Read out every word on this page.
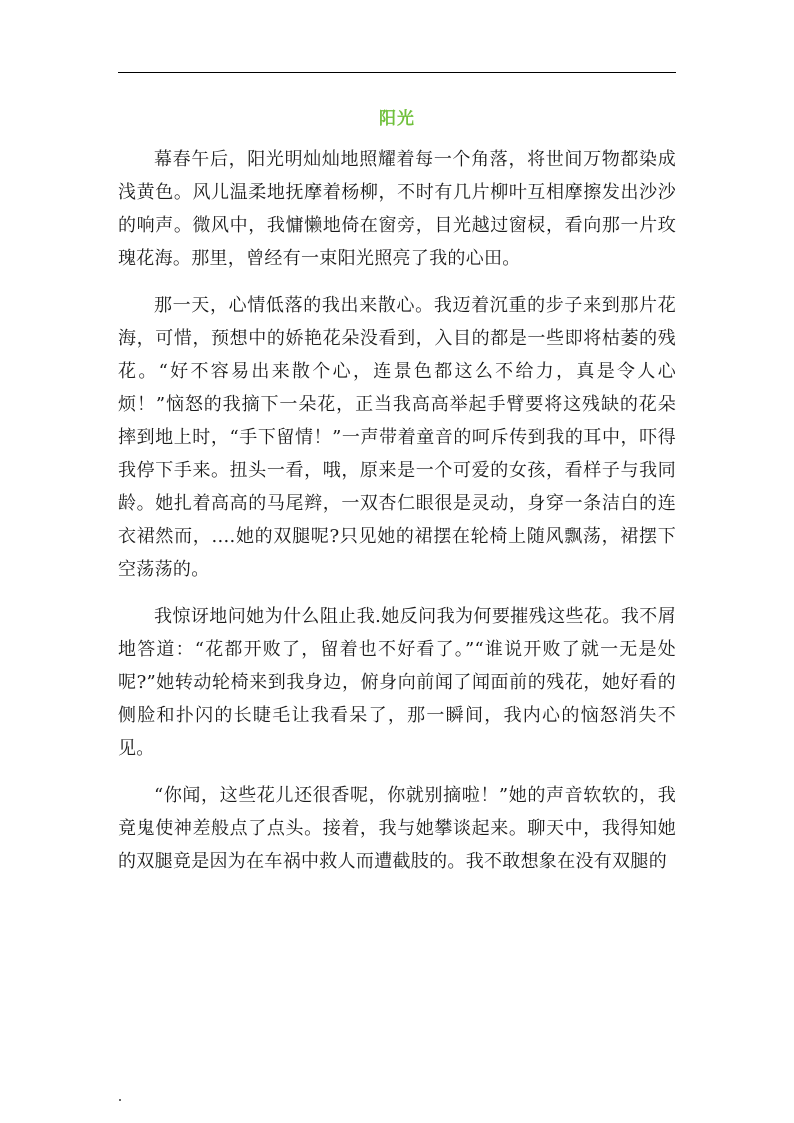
阳光

幕春午后，阳光明灿灿地照耀着每一个角落，将世间万物都染成浅黄色。风儿温柔地抚摩着杨柳，不时有几片柳叶互相摩擦发出沙沙的响声。微风中，我慵懒地倚在窗旁，目光越过窗棂，看向那一片玫瑰花海。那里，曾经有一束阳光照亮了我的心田。

那一天，心情低落的我出来散心。我迈着沉重的步子来到那片花海，可惜，预想中的娇艳花朵没看到，入目的都是一些即将枯萎的残花。“好不容易出来散个心，连景色都这么不给力，真是令人心烦！”恼怒的我摘下一朵花，正当我高高举起手臂要将这残缺的花朵摔到地上时，“手下留情！”一声带着童音的呵斥传到我的耳中，吓得我停下手来。扭头一看，哦，原来是一个可爱的女孩，看样子与我同龄。她扎着高高的马尾辫，一双杏仁眼很是灵动，身穿一条洁白的连衣裙然而，....她的双腿呢?只见她的裙摆在轮椅上随风飘荡，裙摆下空荡荡的。

我惊讶地问她为什么阻止我.她反问我为何要摧残这些花。我不屑地答道：“花都开败了，留着也不好看了。”“谁说开败了就一无是处呢?”她转动轮椅来到我身边，俯身向前闻了闻面前的残花，她好看的侧脸和扑闪的长睫毛让我看呆了，那一瞬间，我内心的恼怒消失不见。

“你闻，这些花儿还很香呢，你就别摘啦！”她的声音软软的，我竟鬼使神差般点了点头。接着，我与她攀谈起来。聊天中，我得知她的双腿竟是因为在车祸中救人而遭截肢的。我不敢想象在没有双腿的
